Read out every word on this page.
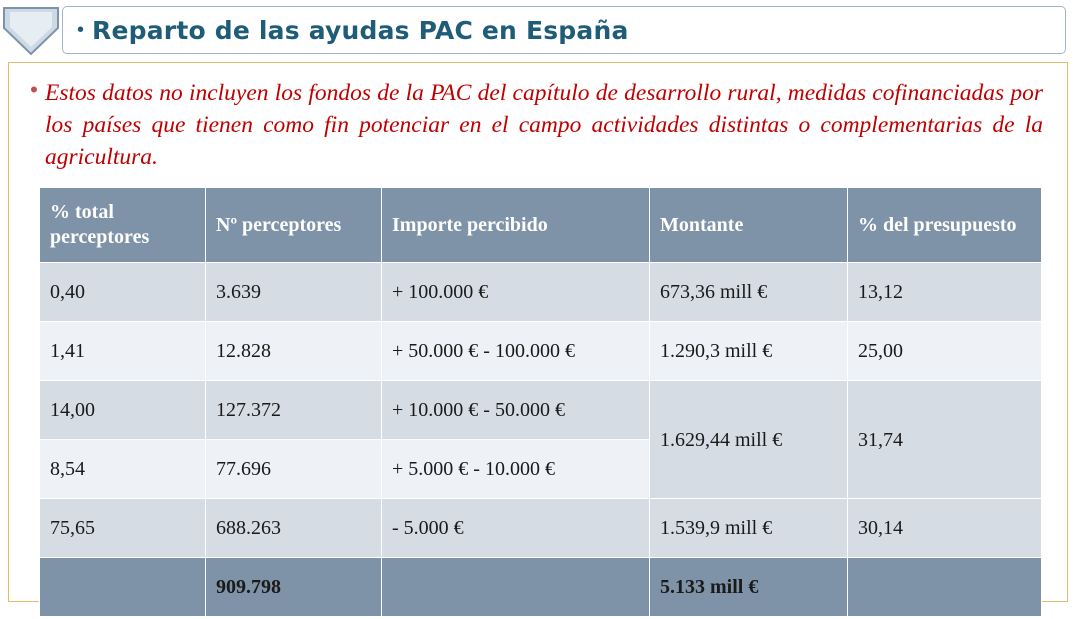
• Reparto de las ayudas PAC en España
• Estos datos no incluyen los fondos de la PAC del capítulo de desarrollo rural, medidas cofinanciadas por los países que tienen como fin potenciar en el campo actividades distintas o complementarias de la agricultura.
% total perceptores	Nº perceptores	Importe percibido	Montante	% del presupuesto
0,40	3.639	+ 100.000 €	673,36 mill €	13,12
1,41	12.828	+ 50.000 € - 100.000 €	1.290,3 mill €	25,00
14,00	127.372	+ 10.000 € - 50.000 €	1.629,44 mill €	31,74
8,54	77.696	+ 5.000 € - 10.000 €		
75,65	688.263	- 5.000 €	1.539,9 mill €	30,14
	909.798		5.133 mill €	
